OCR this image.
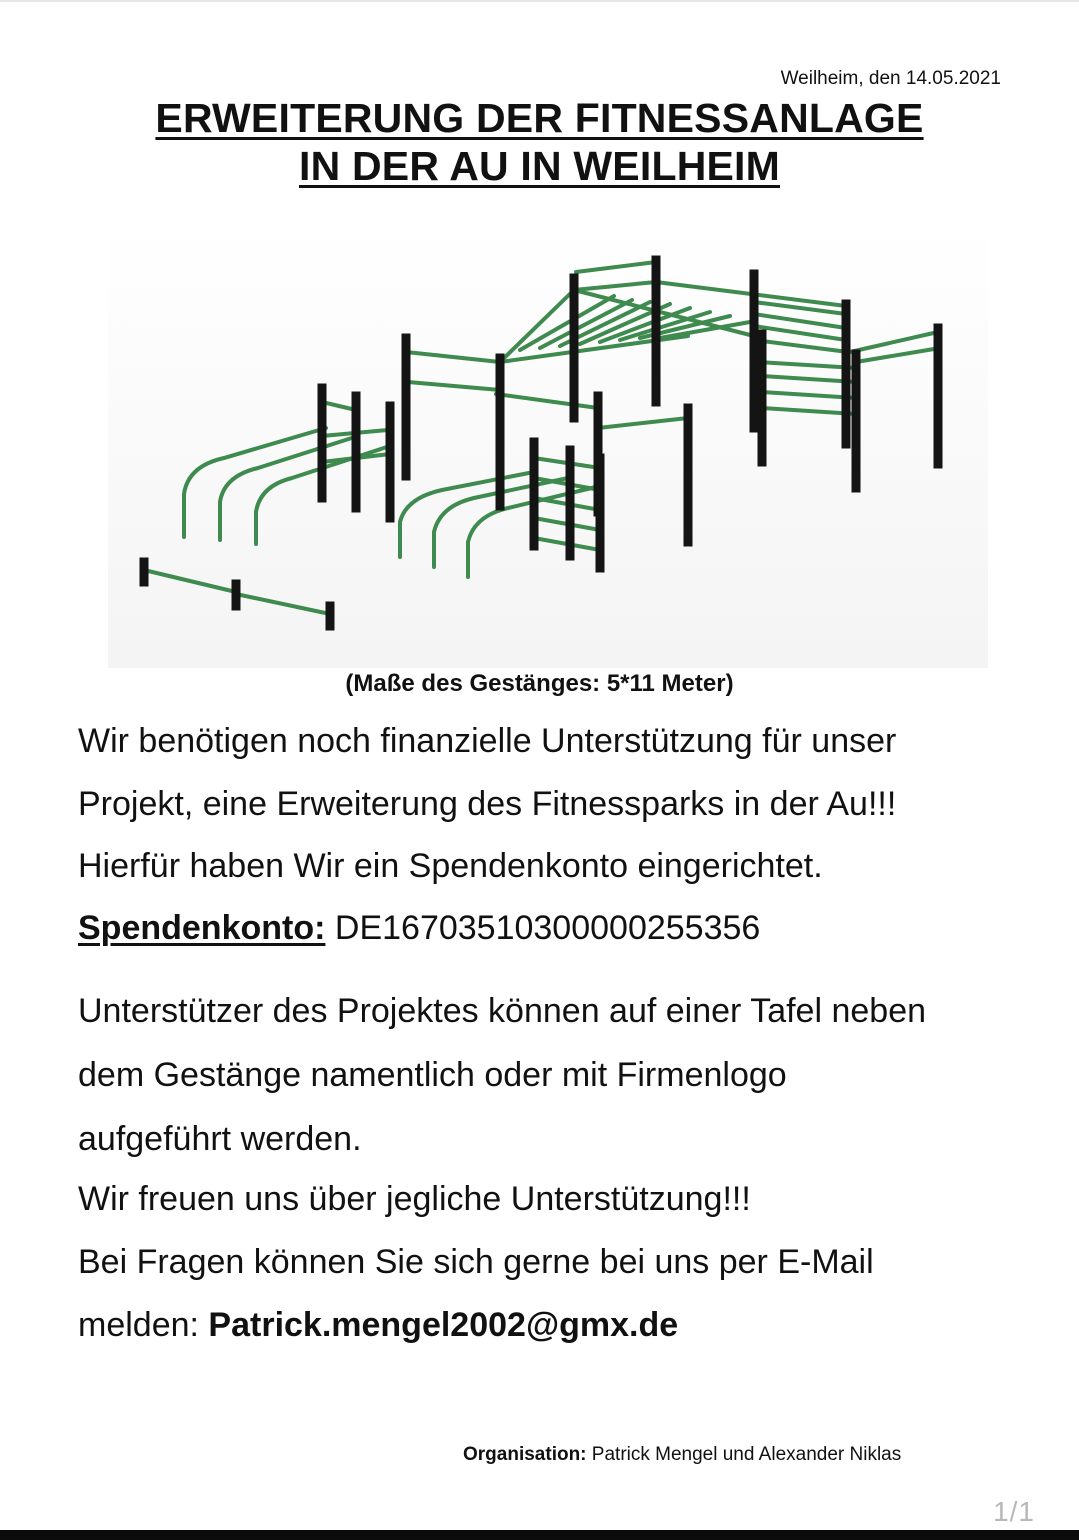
Weilheim, den 14.05.2021
ERWEITERUNG DER FITNESSANLAGE
IN DER AU IN WEILHEIM
(Maße des Gestänges: 5*11 Meter)
Wir benötigen noch finanzielle Unterstützung für unser
Projekt, eine Erweiterung des Fitnessparks in der Au!!!
Hierfür haben Wir ein Spendenkonto eingerichtet.
Spendenkonto: DE16703510300000255356
Unterstützer des Projektes können auf einer Tafel neben
dem Gestänge namentlich oder mit Firmenlogo
aufgeführt werden.
Wir freuen uns über jegliche Unterstützung!!!
Bei Fragen können Sie sich gerne bei uns per E-Mail
melden: Patrick.mengel2002@gmx.de
Organisation: Patrick Mengel und Alexander Niklas
1/1
